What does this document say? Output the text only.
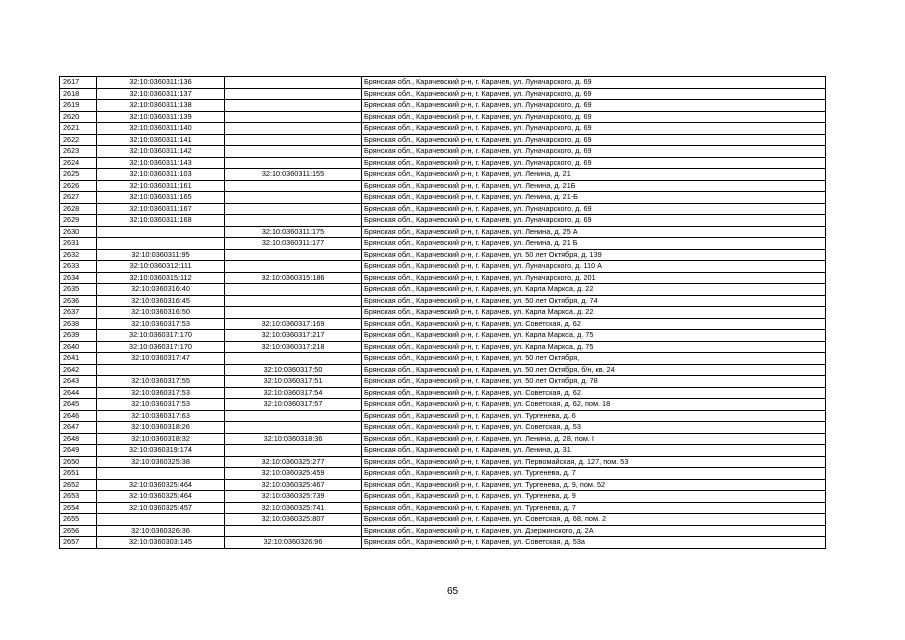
2617	32:10:0360311:136		Брянская обл., Карачевский р-н, г. Карачев, ул. Луначарского, д. 69
2618	32:10:0360311:137		Брянская обл., Карачевский р-н, г. Карачев, ул. Луначарского, д. 69
2619	32:10:0360311:138		Брянская обл., Карачевский р-н, г. Карачев, ул. Луначарского, д. 69
2620	32:10:0360311:139		Брянская обл., Карачевский р-н, г. Карачев, ул. Луначарского, д. 69
2621	32:10:0360311:140		Брянская обл., Карачевский р-н, г. Карачев, ул. Луначарского, д. 69
2622	32:10:0360311:141		Брянская обл., Карачевский р-н, г. Карачев, ул. Луначарского, д. 69
2623	32:10:0360311:142		Брянская обл., Карачевский р-н, г. Карачев, ул. Луначарского, д. 69
2624	32:10:0360311:143		Брянская обл., Карачевский р-н, г. Карачев, ул. Луначарского, д. 69
2625	32:10:0360311:103	32:10:0360311:155	Брянская обл., Карачевский р-н, г. Карачев, ул. Ленина, д. 21
2626	32:10:0360311:161		Брянская обл., Карачевский р-н, г. Карачев, ул. Ленина, д. 21Б
2627	32:10:0360311:165		Брянская обл., Карачевский р-н, г. Карачев, ул. Ленина, д. 21-Б
2628	32:10:0360311:167		Брянская обл., Карачевский р-н, г. Карачев, ул. Луначарского, д. 69
2629	32:10:0360311:168		Брянская обл., Карачевский р-н, г. Карачев, ул. Луначарского, д. 69
2630		32:10:0360311:175	Брянская обл., Карачевский р-н, г. Карачев, ул. Ленина, д. 25 А
2631		32:10:0360311:177	Брянская обл., Карачевский р-н, г. Карачев, ул. Ленина, д. 21 Б
2632	32:10:0360311:95		Брянская обл., Карачевский р-н, г. Карачев, ул. 50 лет Октября, д. 139
2633	32:10:0360312:111		Брянская обл., Карачевский р-н, г. Карачев, ул. Луначарского, д. 110 А
2634	32:10:0360315:112	32:10:0360315:186	Брянская обл., Карачевский р-н, г. Карачев, ул. Луначарского, д. 201
2635	32:10:0360316:40		Брянская обл., Карачевский р-н, г. Карачев, ул. Карла Маркса, д. 22
2636	32:10:0360316:45		Брянская обл., Карачевский р-н, г. Карачев, ул. 50 лет Октября, д. 74
2637	32:10:0360316:50		Брянская обл., Карачевский р-н, г. Карачев, ул. Карла Маркса, д. 22
2638	32:10:0360317:53	32:10:0360317:169	Брянская обл., Карачевский р-н, г. Карачев, ул. Советская, д. 62
2639	32:10:0360317:170	32:10:0360317:217	Брянская обл., Карачевский р-н, г. Карачев, ул. Карла Маркса, д. 75
2640	32:10:0360317:170	32:10:0360317:218	Брянская обл., Карачевский р-н, г. Карачев, ул. Карла Маркса, д. 75
2641	32:10:0360317:47		Брянская обл., Карачевский р-н, г. Карачев, ул. 50 лет Октября,
2642		32:10:0360317:50	Брянская обл., Карачевский р-н, г. Карачев, ул. 50 лет Октября, б/н, кв. 24
2643	32:10:0360317:55	32:10:0360317:51	Брянская обл., Карачевский р-н, г. Карачев, ул. 50 лет Октября, д. 78
2644	32:10:0360317:53	32:10:0360317:54	Брянская обл., Карачевский р-н, г. Карачев, ул. Советская, д. 62
2645	32:10:0360317:53	32:10:0360317:57	Брянская обл., Карачевский р-н, г. Карачев, ул. Советская, д. 62, пом. 18
2646	32:10:0360317:63		Брянская обл., Карачевский р-н, г. Карачев, ул. Тургенева, д. 6
2647	32:10:0360318:26		Брянская обл., Карачевский р-н, г. Карачев, ул. Советская, д. 53
2648	32:10:0360318:32	32:10:0360318:36	Брянская обл., Карачевский р-н, г. Карачев, ул. Ленина, д. 28, пом. I
2649	32:10:0360319:174		Брянская обл., Карачевский р-н, г. Карачев, ул. Ленина, д. 31
2650	32:10:0360325:38	32:10:0360325:277	Брянская обл., Карачевский р-н, г. Карачев, ул. Первомайская, д. 127, пом. 53
2651		32:10:0360325:459	Брянская обл., Карачевский р-н, г. Карачев, ул. Тургенева, д. 7
2652	32:10:0360325:464	32:10:0360325:467	Брянская обл., Карачевский р-н, г. Карачев, ул. Тургенева, д. 9, пом. 52
2653	32:10:0360325:464	32:10:0360325:739	Брянская обл., Карачевский р-н, г. Карачев, ул. Тургенева, д. 9
2654	32:10:0360325:457	32:10:0360325:741	Брянская обл., Карачевский р-н, г. Карачев, ул. Тургенева, д. 7
2655		32:10:0360325:807	Брянская обл., Карачевский р-н, г. Карачев, ул. Советская, д. 68, пом. 2
2656	32:10:0360326:36		Брянская обл., Карачевский р-н, г. Карачев, ул. Дзержинского, д. 2А
2657	32:10:0360303:145	32:10:0360326:96	Брянская обл., Карачевский р-н, г. Карачев, ул. Советская, д. 53а
65
